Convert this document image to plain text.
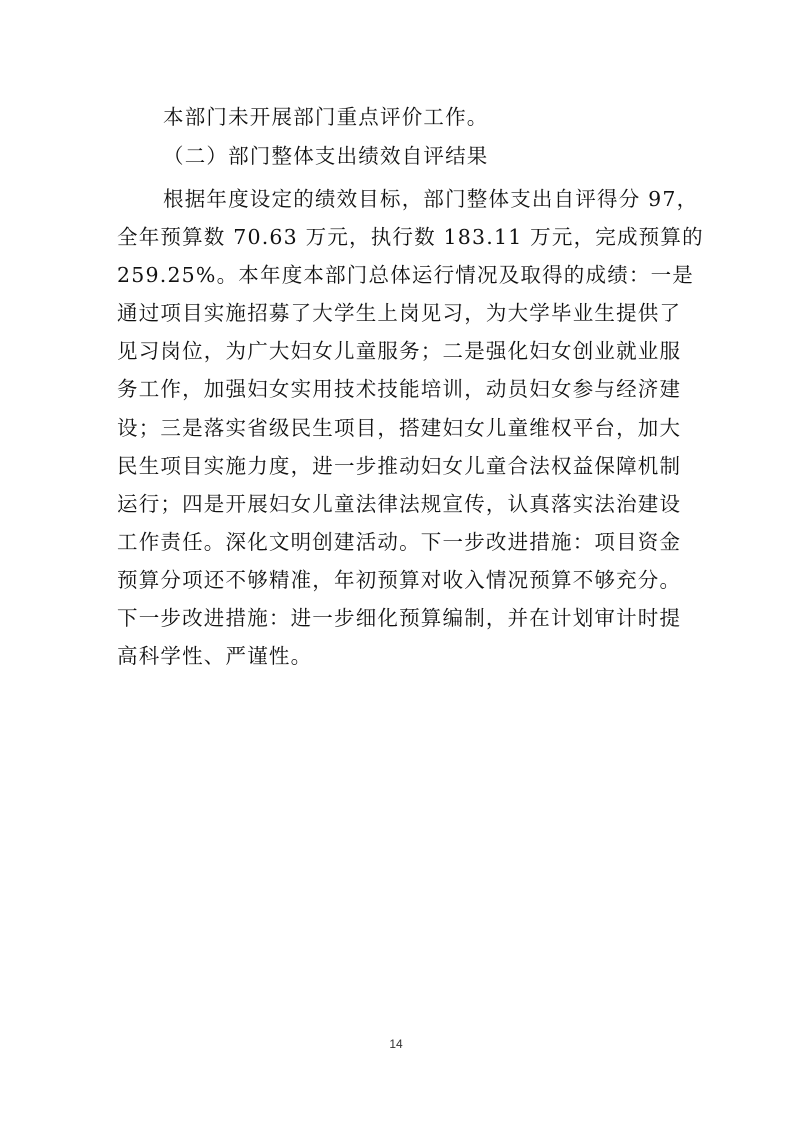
本部门未开展部门重点评价工作。
（二）部门整体支出绩效自评结果
根据年度设定的绩效目标，部门整体支出自评得分 97，
全年预算数 70.63 万元，执行数 183.11 万元，完成预算的
259.25%。本年度本部门总体运行情况及取得的成绩：一是
通过项目实施招募了大学生上岗见习，为大学毕业生提供了
见习岗位，为广大妇女儿童服务；二是强化妇女创业就业服
务工作，加强妇女实用技术技能培训，动员妇女参与经济建
设；三是落实省级民生项目，搭建妇女儿童维权平台，加大
民生项目实施力度，进一步推动妇女儿童合法权益保障机制
运行；四是开展妇女儿童法律法规宣传，认真落实法治建设
工作责任。深化文明创建活动。下一步改进措施：项目资金
预算分项还不够精准，年初预算对收入情况预算不够充分。
下一步改进措施：进一步细化预算编制，并在计划审计时提
高科学性、严谨性。
14
